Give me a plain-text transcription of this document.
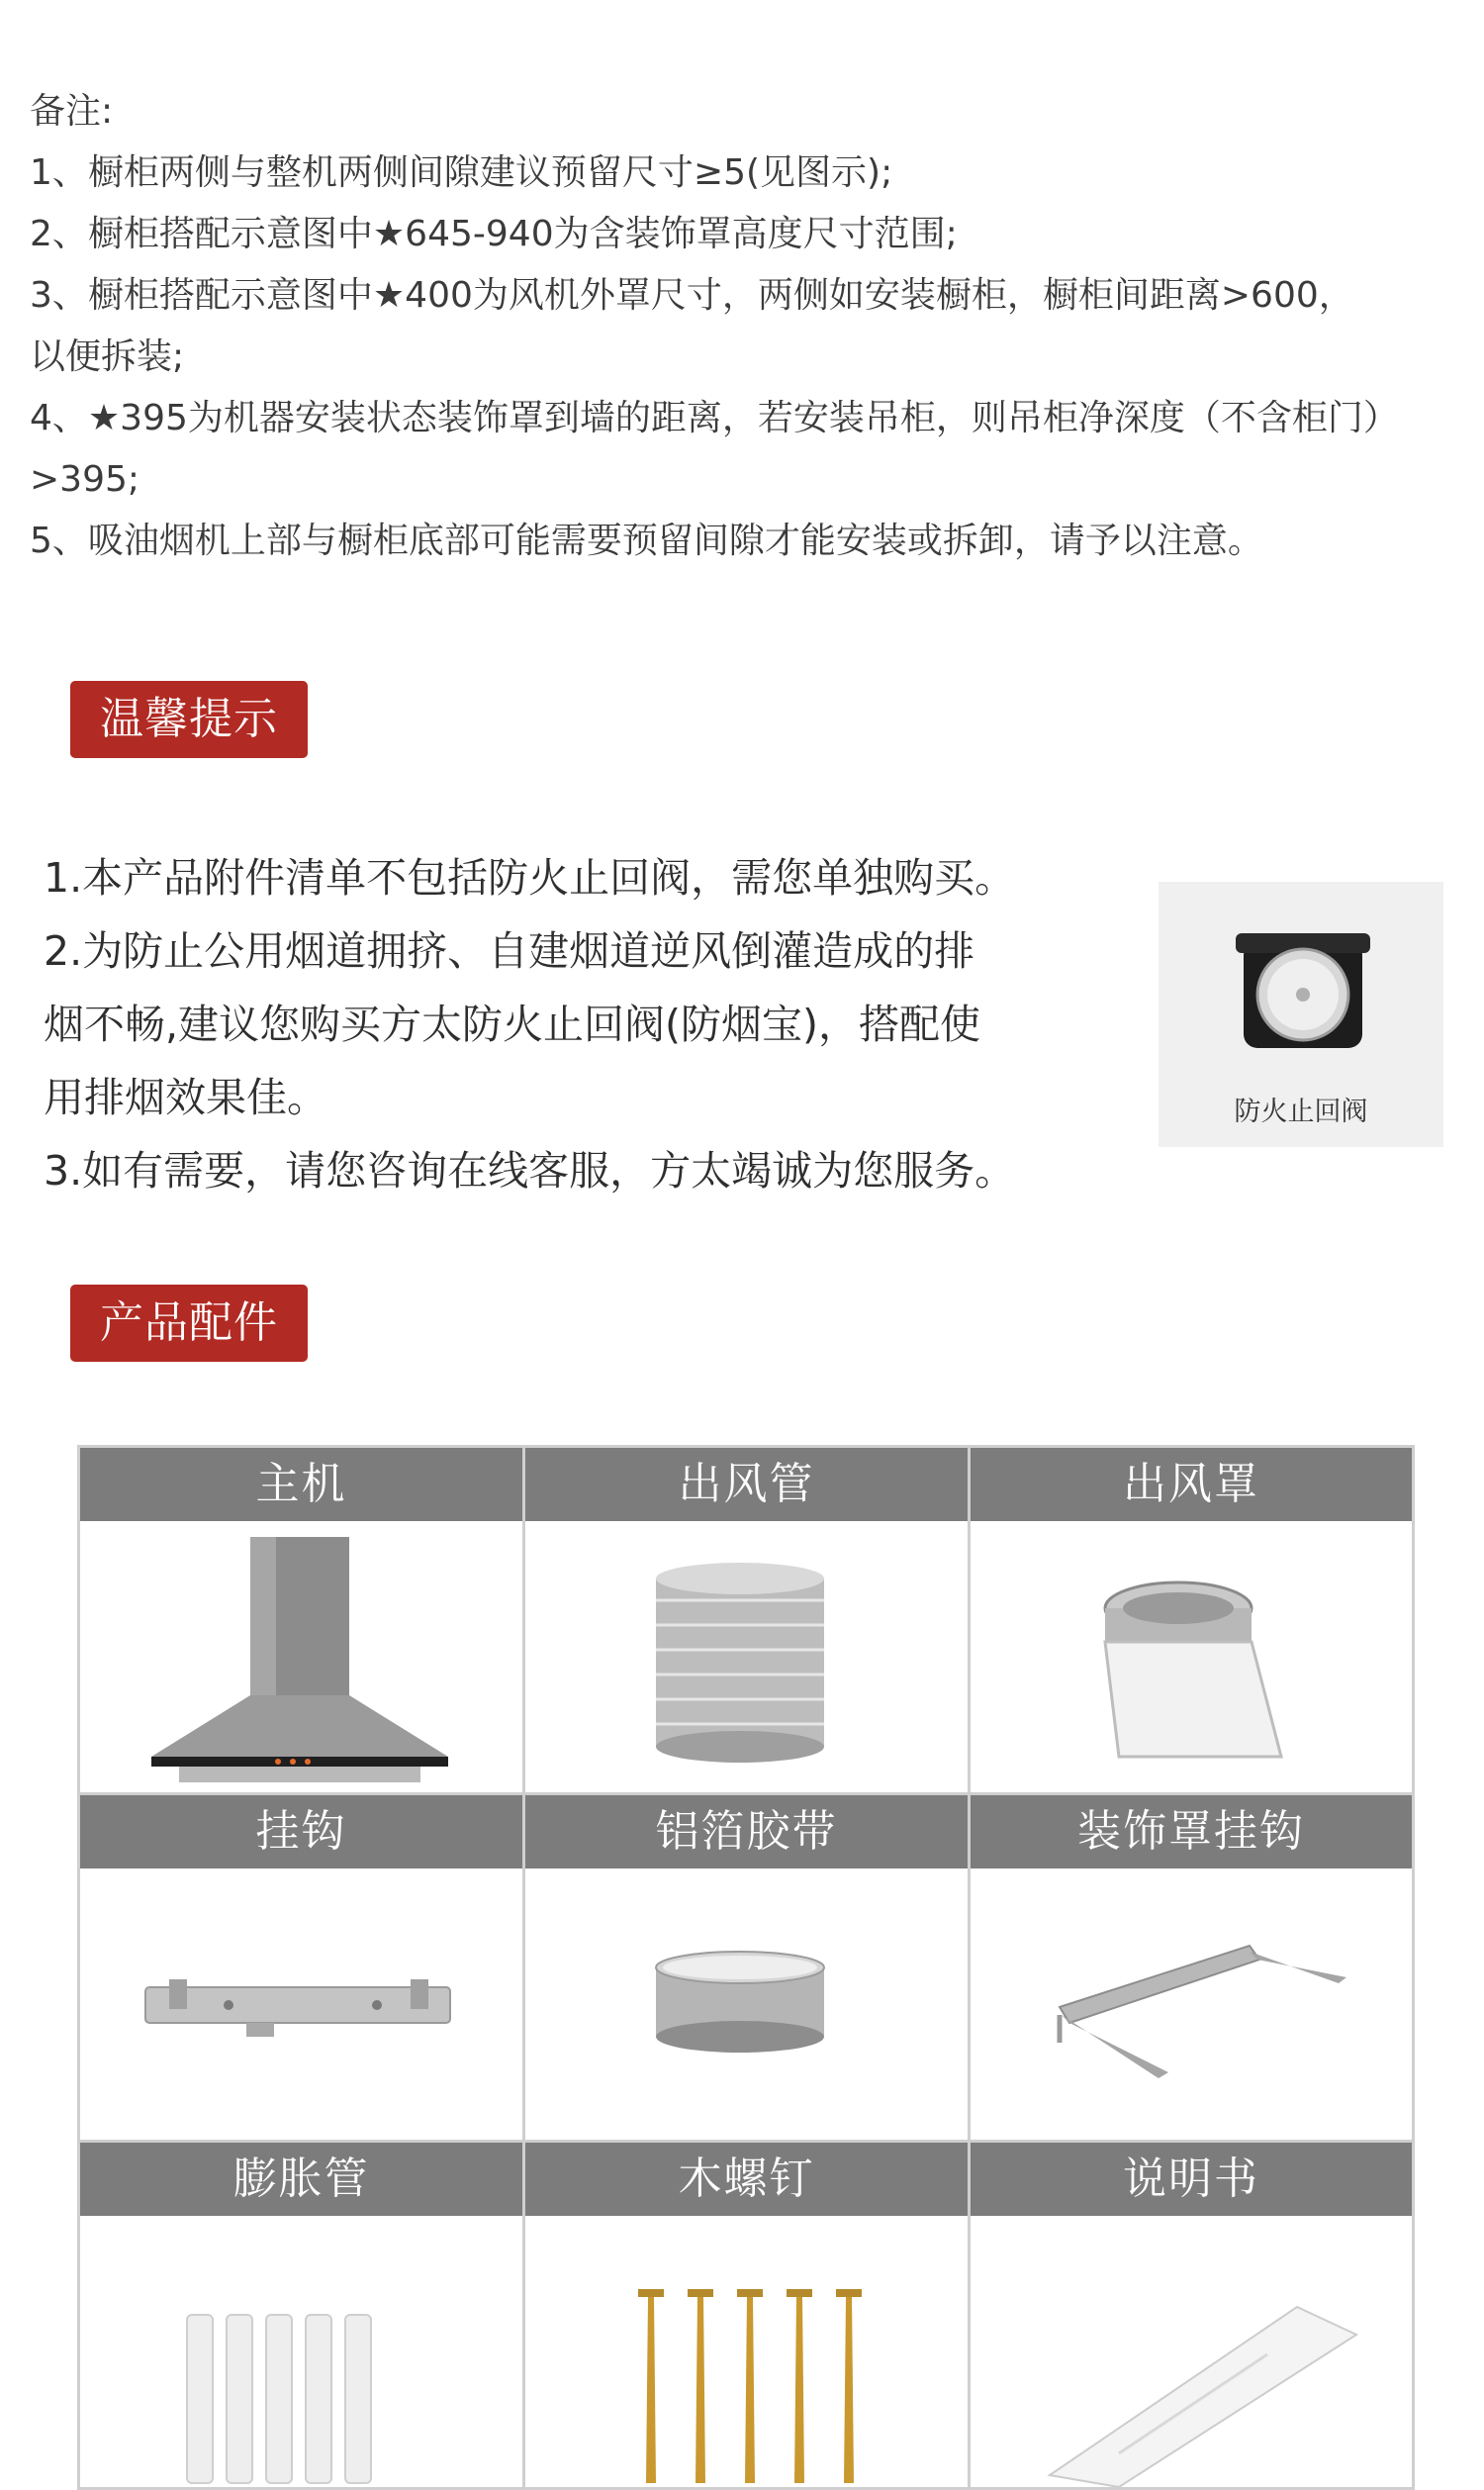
备注:
1、橱柜两侧与整机两侧间隙建议预留尺寸≥5(见图示);
2、橱柜搭配示意图中★645-940为含装饰罩高度尺寸范围;
3、橱柜搭配示意图中★400为风机外罩尺寸，两侧如安装橱柜，橱柜间距离>600，
以便拆装;
4、★395为机器安装状态装饰罩到墙的距离，若安装吊柜，则吊柜净深度（不含柜门）
>395;
5、吸油烟机上部与橱柜底部可能需要预留间隙才能安装或拆卸，请予以注意。
温馨提示
1.本产品附件清单不包括防火止回阀，需您单独购买。
2.为防止公用烟道拥挤、自建烟道逆风倒灌造成的排
烟不畅,建议您购买方太防火止回阀(防烟宝)，搭配使
用排烟效果佳。
3.如有需要，请您咨询在线客服，方太竭诚为您服务。
防火止回阀
产品配件
主机	出风管	出风罩
挂钩	铝箔胶带	装饰罩挂钩
膨胀管	木螺钉	说明书
